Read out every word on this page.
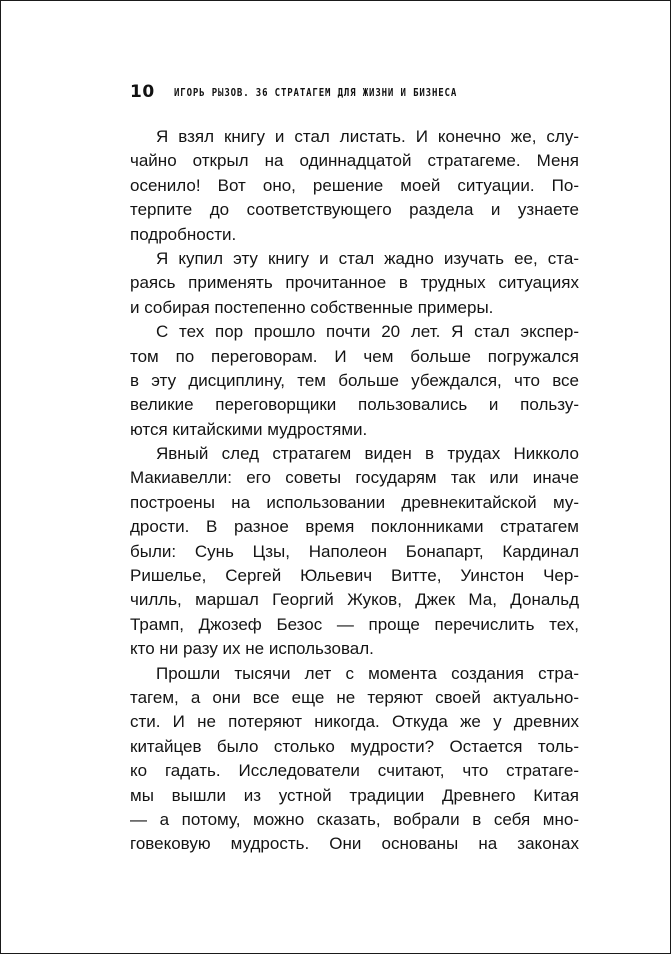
10	ИГОРЬ РЫЗОВ. 36 СТРАТАГЕМ ДЛЯ ЖИЗНИ И БИЗНЕСА
Я взял книгу и стал листать. И конечно же, слу-
чайно открыл на одиннадцатой стратагеме. Меня
осенило! Вот оно, решение моей ситуации. По-
терпите до соответствующего раздела и узнаете
подробности.
Я купил эту книгу и стал жадно изучать ее, ста-
раясь применять прочитанное в трудных ситуациях
и собирая постепенно собственные примеры.
С тех пор прошло почти 20 лет. Я стал экспер-
том по переговорам. И чем больше погружался
в эту дисциплину, тем больше убеждался, что все
великие переговорщики пользовались и пользу-
ются китайскими мудростями.
Явный след стратагем виден в трудах Никколо
Макиавелли: его советы государям так или иначе
построены на использовании древнекитайской му-
дрости. В разное время поклонниками стратагем
были: Сунь Цзы, Наполеон Бонапарт, Кардинал
Ришелье, Сергей Юльевич Витте, Уинстон Чер-
чилль, маршал Георгий Жуков, Джек Ма, Дональд
Трамп, Джозеф Безос — проще перечислить тех,
кто ни разу их не использовал.
Прошли тысячи лет с момента создания стра-
тагем, а они все еще не теряют своей актуально-
сти. И не потеряют никогда. Откуда же у древних
китайцев было столько мудрости? Остается толь-
ко гадать. Исследователи считают, что стратаге-
мы вышли из устной традиции Древнего Китая
— а потому, можно сказать, вобрали в себя мно-
говековую мудрость. Они основаны на законах
